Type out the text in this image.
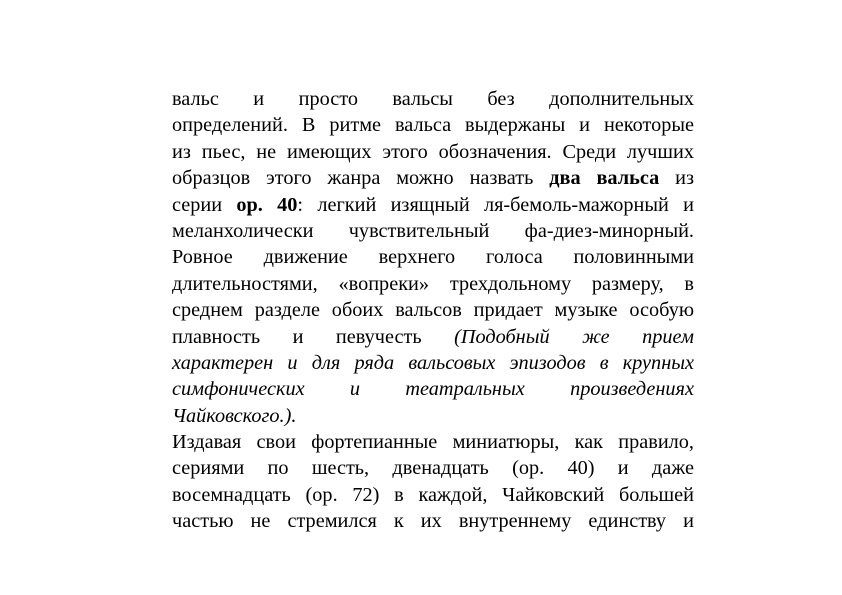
вальс и просто вальсы без дополнительных
определений. В ритме вальса выдержаны и некоторые
из пьес, не имеющих этого обозначения. Среди лучших
образцов этого жанра можно назвать два вальса из
серии op. 40: легкий изящный ля-бемоль-мажорный и
меланхолически чувствительный фа-диез-минорный.
Ровное движение верхнего голоса половинными
длительностями, «вопреки» трехдольному размеру, в
среднем разделе обоих вальсов придает музыке особую
плавность и певучесть (Подобный же прием
характерен и для ряда вальсовых эпизодов в крупных
симфонических и театральных произведениях
Чайковского.).
Издавая свои фортепианные миниатюры, как правило,
сериями по шесть, двенадцать (op. 40) и даже
восемнадцать (op. 72) в каждой, Чайковский большей
частью не стремился к их внутреннему единству и
